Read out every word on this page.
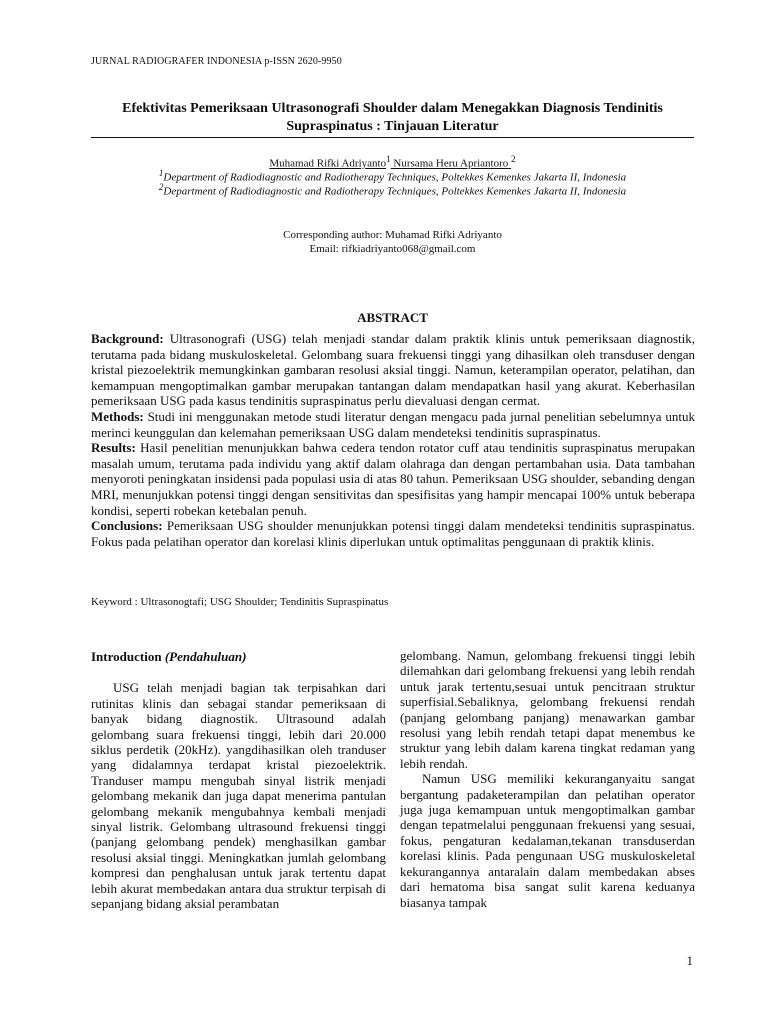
JURNAL RADIOGRAFER INDONESIA p-ISSN 2620-9950
Efektivitas Pemeriksaan Ultrasonografi Shoulder dalam Menegakkan Diagnosis Tendinitis Supraspinatus : Tinjauan Literatur
Muhamad Rifki Adriyanto$^1$ Nursama Heru Apriantoro $^2$
$^1$Department of Radiodiagnostic and Radiotherapy Techniques, Poltekkes Kemenkes Jakarta II, Indonesia
$^2$Department of Radiodiagnostic and Radiotherapy Techniques, Poltekkes Kemenkes Jakarta II, Indonesia
Corresponding author: Muhamad Rifki Adriyanto
Email: rifkiadriyanto068@gmail.com
ABSTRACT

Background: Ultrasonografi (USG) telah menjadi standar dalam praktik klinis untuk pemeriksaan diagnostik, terutama pada bidang muskuloskeletal. Gelombang suara frekuensi tinggi yang dihasilkan oleh transduser dengan kristal piezoelektrik memungkinkan gambaran resolusi aksial tinggi. Namun, keterampilan operator, pelatihan, dan kemampuan mengoptimalkan gambar merupakan tantangan dalam mendapatkan hasil yang akurat. Keberhasilan pemeriksaan USG pada kasus tendinitis supraspinatus perlu dievaluasi dengan cermat.

Methods: Studi ini menggunakan metode studi literatur dengan mengacu pada jurnal penelitian sebelumnya untuk merinci keunggulan dan kelemahan pemeriksaan USG dalam mendeteksi tendinitis supraspinatus.

Results: Hasil penelitian menunjukkan bahwa cedera tendon rotator cuff atau tendinitis supraspinatus merupakan masalah umum, terutama pada individu yang aktif dalam olahraga dan dengan pertambahan usia. Data tambahan menyoroti peningkatan insidensi pada populasi usia di atas 80 tahun. Pemeriksaan USG shoulder, sebanding dengan MRI, menunjukkan potensi tinggi dengan sensitivitas dan spesifisitas yang hampir mencapai 100% untuk beberapa kondisi, seperti robekan ketebalan penuh.

Conclusions: Pemeriksaan USG shoulder menunjukkan potensi tinggi dalam mendeteksi tendinitis supraspinatus. Fokus pada pelatihan operator dan korelasi klinis diperlukan untuk optimalitas penggunaan di praktik klinis.

Keyword : Ultrasonogtafi; USG Shoulder; Tendinitis Supraspinatus

Introduction (Pendahuluan)

USG telah menjadi bagian tak terpisahkan dari rutinitas klinis dan sebagai standar pemeriksaan di banyak bidang diagnostik. Ultrasound adalah gelombang suara frekuensi tinggi, lebih dari 20.000 siklus perdetik (20kHz). yangdihasilkan oleh tranduser yang didalamnya terdapat kristal piezoelektrik. Tranduser mampu mengubah sinyal listrik menjadi gelombang mekanik dan juga dapat menerima pantulan gelombang mekanik mengubahnya kembali menjadi sinyal listrik. Gelombang ultrasound frekuensi tinggi (panjang gelombang pendek) menghasilkan gambar resolusi aksial tinggi. Meningkatkan jumlah gelombang kompresi dan penghalusan untuk jarak tertentu dapat lebih akurat membedakan antara dua struktur terpisah di sepanjang bidang aksial perambatan

gelombang. Namun, gelombang frekuensi tinggi lebih dilemahkan dari gelombang frekuensi yang lebih rendah untuk jarak tertentu,sesuai untuk pencitraan struktur superfisial.Sebaliknya, gelombang frekuensi rendah (panjang gelombang panjang) menawarkan gambar resolusi yang lebih rendah tetapi dapat menembus ke struktur yang lebih dalam karena tingkat redaman yang lebih rendah.

Namun USG memiliki kekuranganyaitu sangat bergantung padaketerampilan dan pelatihan operator juga juga kemampuan untuk mengoptimalkan gambar dengan tepatmelalui penggunaan frekuensi yang sesuai, fokus, pengaturan kedalaman,tekanan transduserdan korelasi klinis. Pada pengunaan USG muskuloskeletal kekurangannya antaralain dalam membedakan abses dari hematoma bisa sangat sulit karena keduanya biasanya tampak

1
